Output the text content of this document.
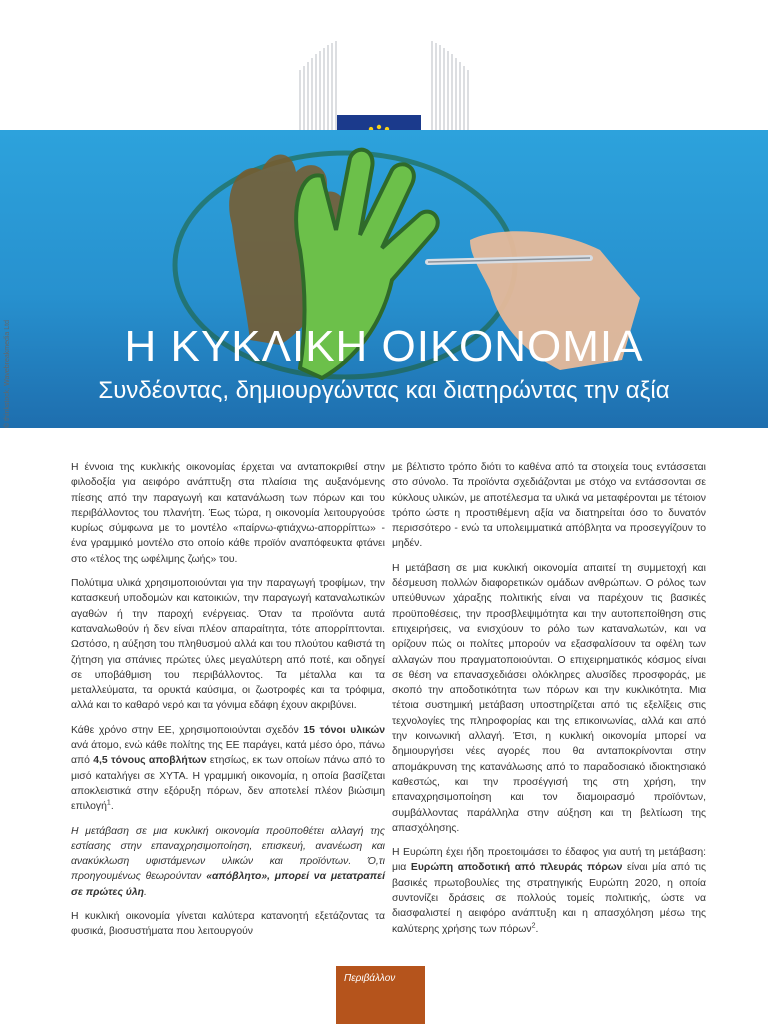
Η ΚΥΚΛΙΚΗ ΟΙΚΟΝΟΜΙΑ
Συνδέοντας, δημιουργώντας και διατηρώντας την αξία
© thinkstock, Wavebreakmedia Ltd

Η έννοια της κυκλικής οικονομίας έρχεται να ανταποκριθεί στην φιλοδοξία για αειφόρο ανάπτυξη στα πλαίσια της αυξανόμενης πίεσης από την παραγωγή και κατανάλωση των πόρων και του περιβάλλοντος του πλανήτη. Έως τώρα, η οικονομία λειτουργούσε κυρίως σύμφωνα με το μοντέλο «παίρνω-φτιάχνω-απορρίπτω» - ένα γραμμικό μοντέλο στο οποίο κάθε προϊόν αναπόφευκτα φτάνει στο «τέλος της ωφέλιμης ζωής» του.

Πολύτιμα υλικά χρησιμοποιούνται για την παραγωγή τροφίμων, την κατασκευή υποδομών και κατοικιών, την παραγωγή καταναλωτικών αγαθών ή την παροχή ενέργειας. Όταν τα προϊόντα αυτά καταναλωθούν ή δεν είναι πλέον απαραίτητα, τότε απορρίπτονται. Ωστόσο, η αύξηση του πληθυσμού αλλά και του πλούτου καθιστά τη ζήτηση για σπάνιες πρώτες ύλες μεγαλύτερη από ποτέ, και οδηγεί σε υποβάθμιση του περιβάλλοντος. Τα μέταλλα και τα μεταλλεύματα, τα ορυκτά καύσιμα, οι ζωοτροφές και τα τρόφιμα, αλλά και το καθαρό νερό και τα γόνιμα εδάφη έχουν ακριβύνει.

Κάθε χρόνο στην ΕΕ, χρησιμοποιούνται σχεδόν 15 τόνοι υλικών ανά άτομο, ενώ κάθε πολίτης της ΕΕ παράγει, κατά μέσο όρο, πάνω από 4,5 τόνους αποβλήτων ετησίως, εκ των οποίων πάνω από το μισό καταλήγει σε ΧΥΤΑ. Η γραμμική οικονομία, η οποία βασίζεται αποκλειστικά στην εξόρυξη πόρων, δεν αποτελεί πλέον βιώσιμη επιλογή$^1$.

Η μετάβαση σε μια κυκλική οικονομία προϋποθέτει αλλαγή της εστίασης στην επαναχρησιμοποίηση, επισκευή, ανανέωση και ανακύκλωση υφιστάμενων υλικών και προϊόντων. Ό,τι προηγουμένως θεωρούνταν «απόβλητο», μπορεί να μετατραπεί σε πρώτες ύλη.

Η κυκλική οικονομία γίνεται καλύτερα κατανοητή εξετάζοντας τα φυσικά, βιοσυστήματα που λειτουργούν

με βέλτιστο τρόπο διότι το καθένα από τα στοιχεία τους εντάσσεται στο σύνολο. Τα προϊόντα σχεδιάζονται με στόχο να εντάσσονται σε κύκλους υλικών, με αποτέλεσμα τα υλικά να μεταφέρονται με τέτοιον τρόπο ώστε η προστιθέμενη αξία να διατηρείται όσο το δυνατόν περισσότερο - ενώ τα υπολειμματικά απόβλητα να προσεγγίζουν το μηδέν.

Η μετάβαση σε μια κυκλική οικονομία απαιτεί τη συμμετοχή και δέσμευση πολλών διαφορετικών ομάδων ανθρώπων. Ο ρόλος των υπεύθυνων χάραξης πολιτικής είναι να παρέχουν τις βασικές προϋποθέσεις, την προσβλεψιμότητα και την αυτοπεποίθηση στις επιχειρήσεις, να ενισχύουν το ρόλο των καταναλωτών, και να ορίζουν πώς οι πολίτες μπορούν να εξασφαλίσουν τα οφέλη των αλλαγών που πραγματοποιούνται. Ο επιχειρηματικός κόσμος είναι σε θέση να επανασχεδιάσει ολόκληρες αλυσίδες προσφοράς, με σκοπό την αποδοτικότητα των πόρων και την κυκλικότητα. Μια τέτοια συστημική μετάβαση υποστηρίζεται από τις εξελίξεις στις τεχνολογίες της πληροφορίας και της επικοινωνίας, αλλά και από την κοινωνική αλλαγή. Έτσι, η κυκλική οικονομία μπορεί να δημιουργήσει νέες αγορές που θα ανταποκρίνονται στην απομάκρυνση της κατανάλωσης από το παραδοσιακό ιδιοκτησιακό καθεστώς, και την προσέγγισή της στη χρήση, την επαναχρησιμοποίηση και τον διαμοιρασμό προϊόντων, συμβάλλοντας παράλληλα στην αύξηση και τη βελτίωση της απασχόλησης.

Η Ευρώπη έχει ήδη προετοιμάσει το έδαφος για αυτή τη μετάβαση: μια Ευρώπη αποδοτική από πλευράς πόρων είναι μία από τις βασικές πρωτοβουλίες της στρατηγικής Ευρώπη 2020, η οποία συντονίζει δράσεις σε πολλούς τομείς πολιτικής, ώστε να διασφαλιστεί η αειφόρο ανάπτυξη και η απασχόληση μέσω της καλύτερης χρήσης των πόρων$^2$.

Περιβάλλον
